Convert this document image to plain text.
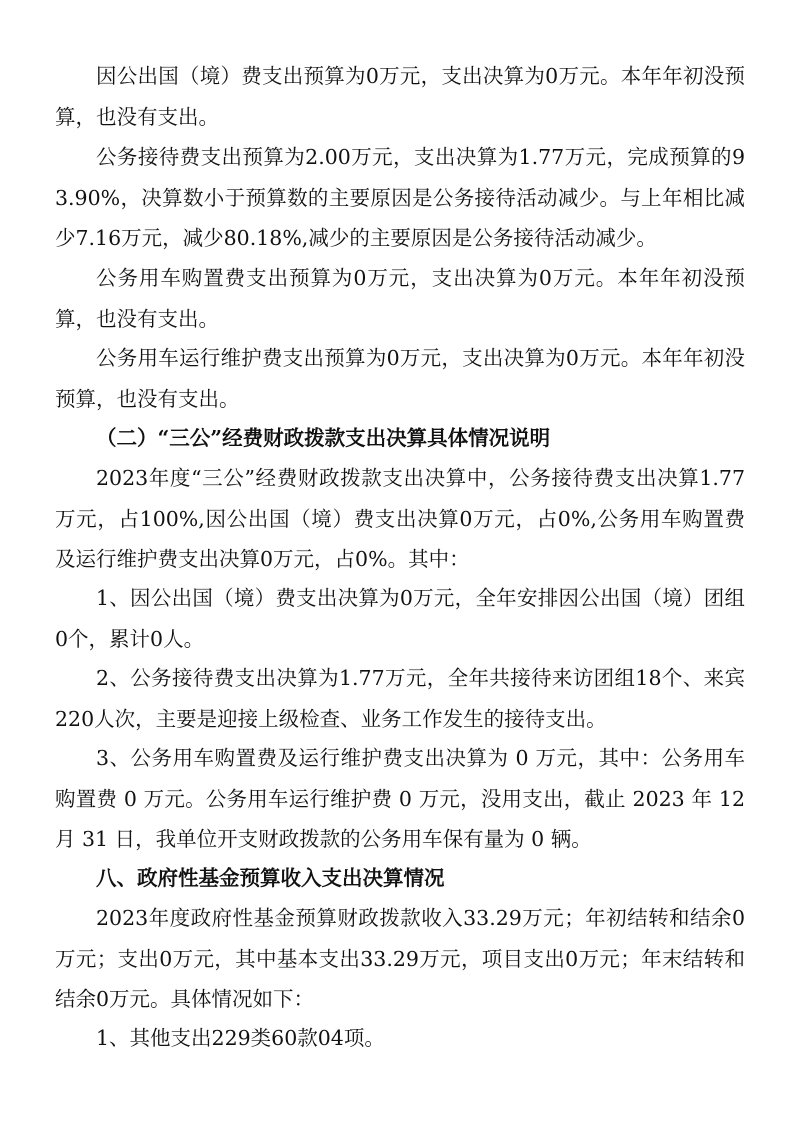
因公出国（境）费支出预算为0万元，支出决算为0万元。本年年初没预算，也没有支出。

公务接待费支出预算为2.00万元，支出决算为1.77万元，完成预算的93.90%，决算数小于预算数的主要原因是公务接待活动减少。与上年相比减少7.16万元，减少80.18%,减少的主要原因是公务接待活动减少。

公务用车购置费支出预算为0万元，支出决算为0万元。本年年初没预算，也没有支出。

公务用车运行维护费支出预算为0万元，支出决算为0万元。本年年初没预算，也没有支出。

（二）“三公”经费财政拨款支出决算具体情况说明

2023年度“三公”经费财政拨款支出决算中，公务接待费支出决算1.77万元，占100%,因公出国（境）费支出决算0万元，占0%,公务用车购置费及运行维护费支出决算0万元，占0%。其中：

1、因公出国（境）费支出决算为0万元，全年安排因公出国（境）团组0个，累计0人。

2、公务接待费支出决算为1.77万元，全年共接待来访团组18个、来宾220人次，主要是迎接上级检查、业务工作发生的接待支出。

3、公务用车购置费及运行维护费支出决算为 0 万元，其中：公务用车购置费 0 万元。公务用车运行维护费 0 万元，没用支出，截止 2023 年 12 月 31 日，我单位开支财政拨款的公务用车保有量为 0 辆。

八、政府性基金预算收入支出决算情况

2023年度政府性基金预算财政拨款收入33.29万元；年初结转和结余0万元；支出0万元，其中基本支出33.29万元，项目支出0万元；年末结转和结余0万元。具体情况如下：

1、其他支出229类60款04项。
